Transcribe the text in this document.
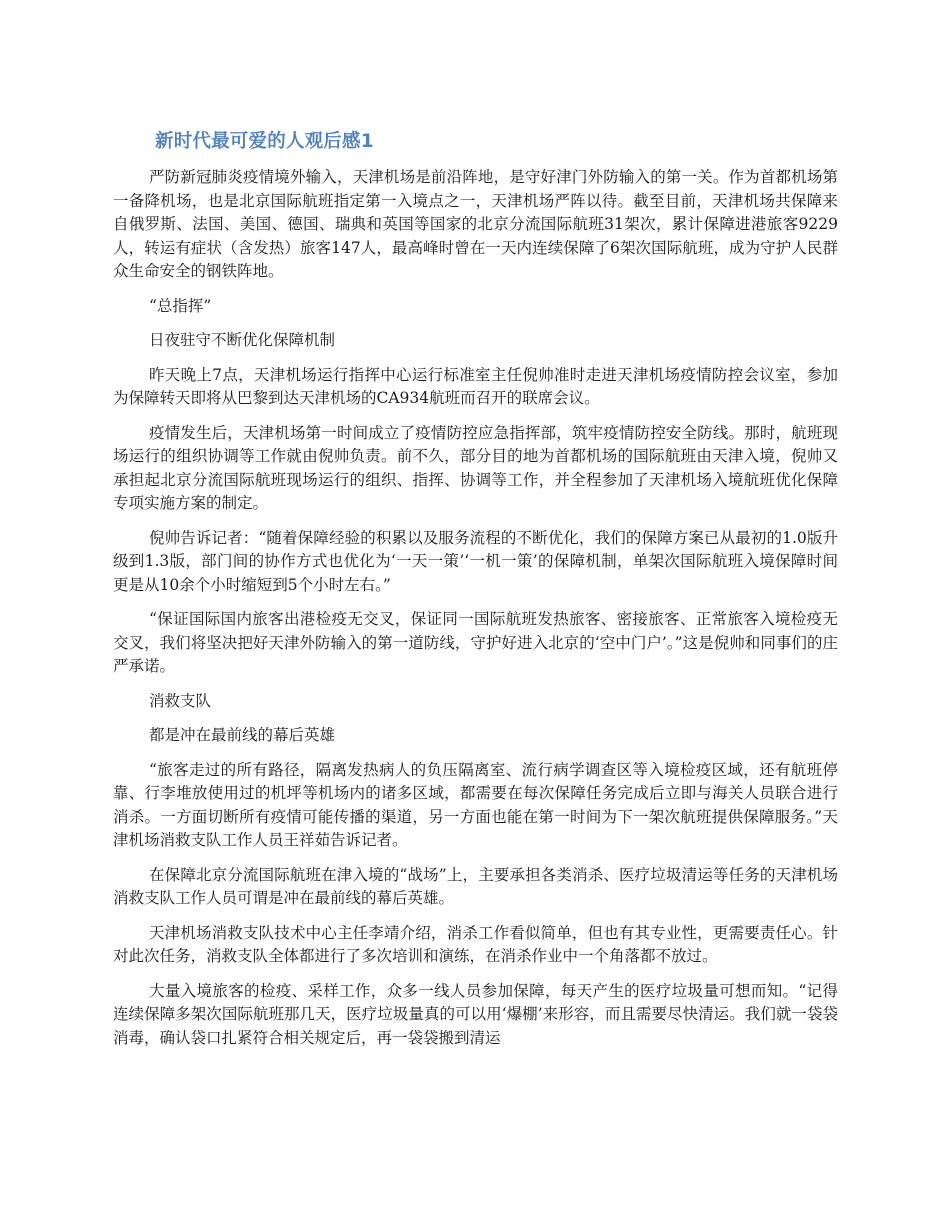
新时代最可爱的人观后感1

严防新冠肺炎疫情境外输入，天津机场是前沿阵地，是守好津门外防输入的第一关。作为首都机场第一备降机场，也是北京国际航班指定第一入境点之一，天津机场严阵以待。截至目前，天津机场共保障来自俄罗斯、法国、美国、德国、瑞典和英国等国家的北京分流国际航班31架次，累计保障进港旅客9229人，转运有症状（含发热）旅客147人，最高峰时曾在一天内连续保障了6架次国际航班，成为守护人民群众生命安全的钢铁阵地。

“总指挥”

日夜驻守不断优化保障机制

昨天晚上7点，天津机场运行指挥中心运行标准室主任倪帅准时走进天津机场疫情防控会议室，参加为保障转天即将从巴黎到达天津机场的CA934航班而召开的联席会议。

疫情发生后，天津机场第一时间成立了疫情防控应急指挥部，筑牢疫情防控安全防线。那时，航班现场运行的组织协调等工作就由倪帅负责。前不久，部分目的地为首都机场的国际航班由天津入境，倪帅又承担起北京分流国际航班现场运行的组织、指挥、协调等工作，并全程参加了天津机场入境航班优化保障专项实施方案的制定。

倪帅告诉记者：“随着保障经验的积累以及服务流程的不断优化，我们的保障方案已从最初的1.0版升级到1.3版，部门间的协作方式也优化为‘一天一策’‘一机一策’的保障机制，单架次国际航班入境保障时间更是从10余个小时缩短到5个小时左右。”

“保证国际国内旅客出港检疫无交叉，保证同一国际航班发热旅客、密接旅客、正常旅客入境检疫无交叉，我们将坚决把好天津外防输入的第一道防线，守护好进入北京的‘空中门户’。”这是倪帅和同事们的庄严承诺。

消救支队

都是冲在最前线的幕后英雄

“旅客走过的所有路径，隔离发热病人的负压隔离室、流行病学调查区等入境检疫区域，还有航班停靠、行李堆放使用过的机坪等机场内的诸多区域，都需要在每次保障任务完成后立即与海关人员联合进行消杀。一方面切断所有疫情可能传播的渠道，另一方面也能在第一时间为下一架次航班提供保障服务。”天津机场消救支队工作人员王祥茹告诉记者。

在保障北京分流国际航班在津入境的“战场”上，主要承担各类消杀、医疗垃圾清运等任务的天津机场消救支队工作人员可谓是冲在最前线的幕后英雄。

天津机场消救支队技术中心主任李靖介绍，消杀工作看似简单，但也有其专业性，更需要责任心。针对此次任务，消救支队全体都进行了多次培训和演练，在消杀作业中一个角落都不放过。

大量入境旅客的检疫、采样工作，众多一线人员参加保障，每天产生的医疗垃圾量可想而知。“记得连续保障多架次国际航班那几天，医疗垃圾量真的可以用‘爆棚’来形容，而且需要尽快清运。我们就一袋袋消毒，确认袋口扎紧符合相关规定后，再一袋袋搬到清运
